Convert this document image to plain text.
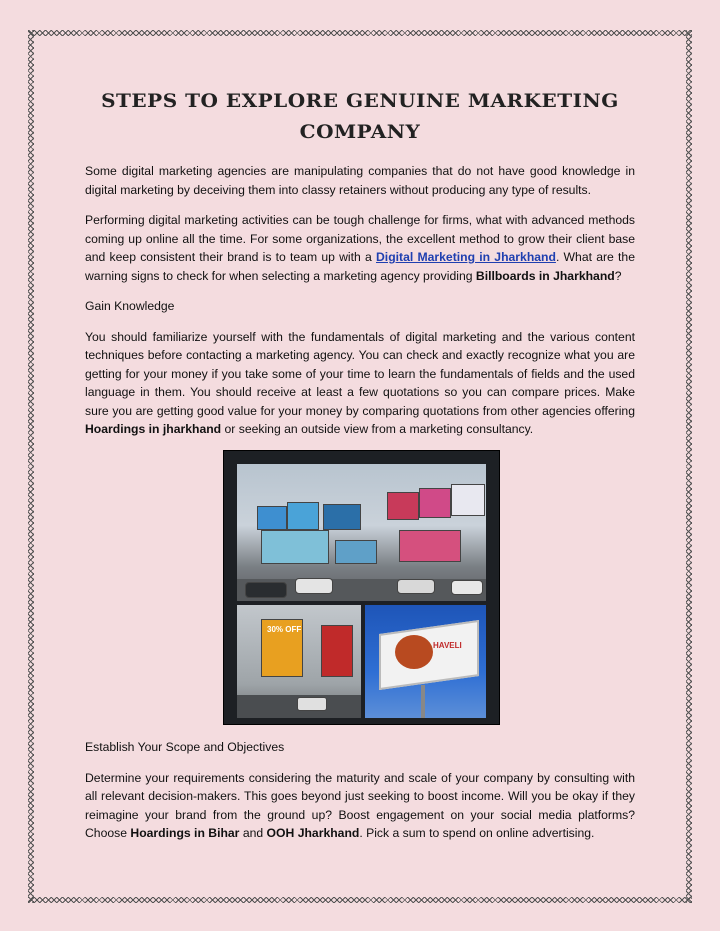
STEPS TO EXPLORE GENUINE MARKETING COMPANY

Some digital marketing agencies are manipulating companies that do not have good knowledge in digital marketing by deceiving them into classy retainers without producing any type of results.

Performing digital marketing activities can be tough challenge for firms, what with advanced methods coming up online all the time. For some organizations, the excellent method to grow their client base and keep consistent their brand is to team up with a Digital Marketing in Jharkhand. What are the warning signs to check for when selecting a marketing agency providing Billboards in Jharkhand?

Gain Knowledge

You should familiarize yourself with the fundamentals of digital marketing and the various content techniques before contacting a marketing agency. You can check and exactly recognize what you are getting for your money if you take some of your time to learn the fundamentals of fields and the used language in them. You should receive at least a few quotations so you can compare prices. Make sure you are getting good value for your money by comparing quotations from other agencies offering Hoardings in jharkhand or seeking an outside view from a marketing consultancy.

30% OFF
HAVELI

Establish Your Scope and Objectives

Determine your requirements considering the maturity and scale of your company by consulting with all relevant decision-makers. This goes beyond just seeking to boost income. Will you be okay if they reimagine your brand from the ground up? Boost engagement on your social media platforms? Choose Hoardings in Bihar and OOH Jharkhand. Pick a sum to spend on online advertising.
